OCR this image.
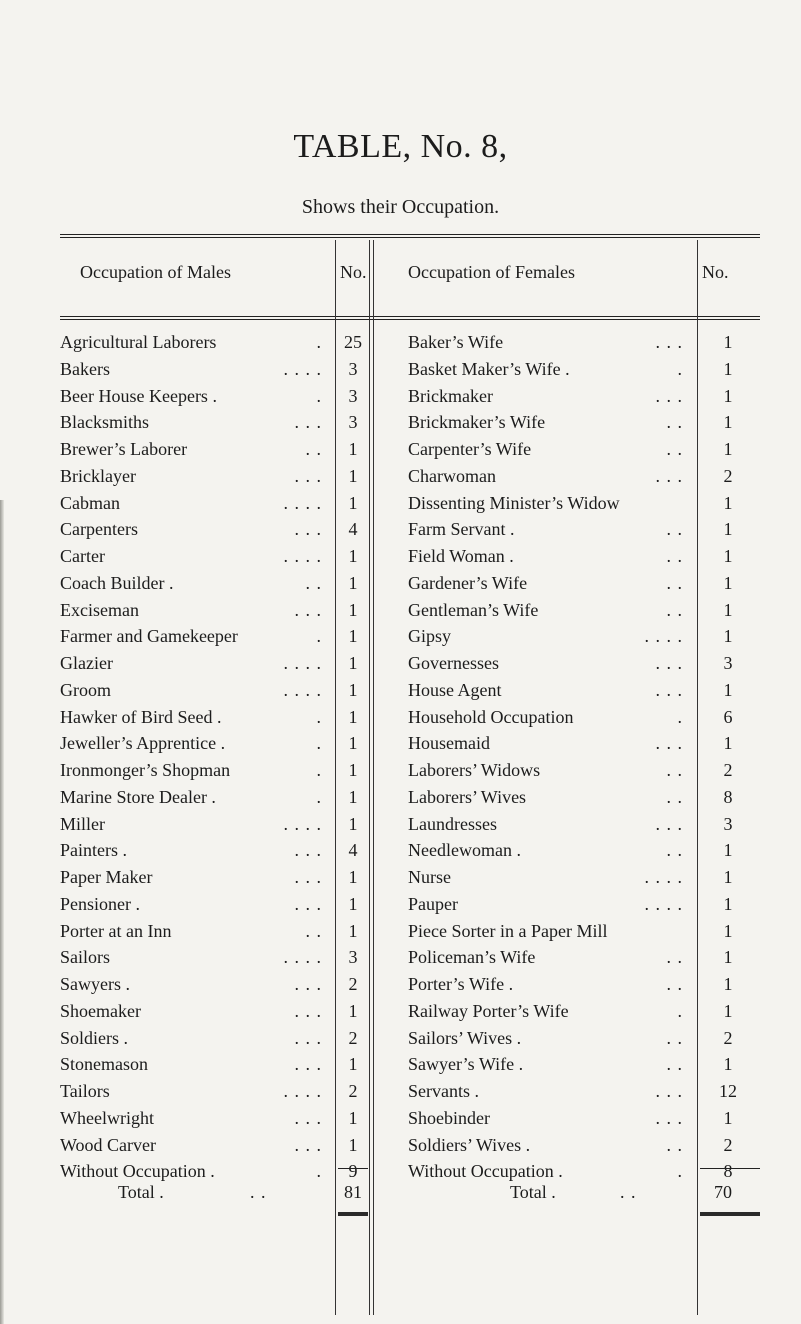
TABLE, No. 8,
Shows their Occupation.
Occupation of Males	No. Occupation of Females	No.
Agricultural Laborers	.	25	Baker’s Wife	. . .	1
Bakers	. . . .	3	Basket Maker’s Wife .	.	1
Beer House Keepers .	.	3	Brickmaker	. . .	1
Blacksmiths	. . .	3	Brickmaker’s Wife	. .	1
Brewer’s Laborer	. .	1	Carpenter’s Wife	. .	1
Bricklayer	. . .	1	Charwoman	. . .	2
Cabman	. . . .	1	Dissenting Minister’s Widow	1
Carpenters	. . .	4	Farm Servant .	. .	1
Carter	. . . .	1	Field Woman .	. .	1
Coach Builder .	. .	1	Gardener’s Wife	. .	1
Exciseman	. . .	1	Gentleman’s Wife	. .	1
Farmer and Gamekeeper	.	1	Gipsy	. . . .	1
Glazier	. . . .	1	Governesses	. . .	3
Groom	. . . .	1	House Agent	. . .	1
Hawker of Bird Seed .	.	1	Household Occupation	.	6
Jeweller’s Apprentice .	.	1	Housemaid	. . .	1
Ironmonger’s Shopman	.	1	Laborers’ Widows	. .	2
Marine Store Dealer .	.	1	Laborers’ Wives	. .	8
Miller	. . . .	1	Laundresses	. . .	3
Painters .	. . .	4	Needlewoman .	. .	1
Paper Maker	. . .	1	Nurse	. . . .	1
Pensioner .	. . .	1	Pauper	. . . .	1
Porter at an Inn	. .	1	Piece Sorter in a Paper Mill	1
Sailors	. . . .	3	Policeman’s Wife	. .	1
Sawyers .	. . .	2	Porter’s Wife .	. .	1
Shoemaker	. . .	1	Railway Porter’s Wife	.	1
Soldiers .	. . .	2	Sailors’ Wives .	. .	2
Stonemason	. . .	1	Sawyer’s Wife .	. .	1
Tailors	. . . .	2	Servants .	. . .	12
Wheelwright	. . .	1	Shoebinder	. . .	1
Wood Carver	. . .	1	Soldiers’ Wives .	. .	2
Without Occupation .	.	9	Without Occupation .	.	8
Total .	. .	81	Total .	. .	70
